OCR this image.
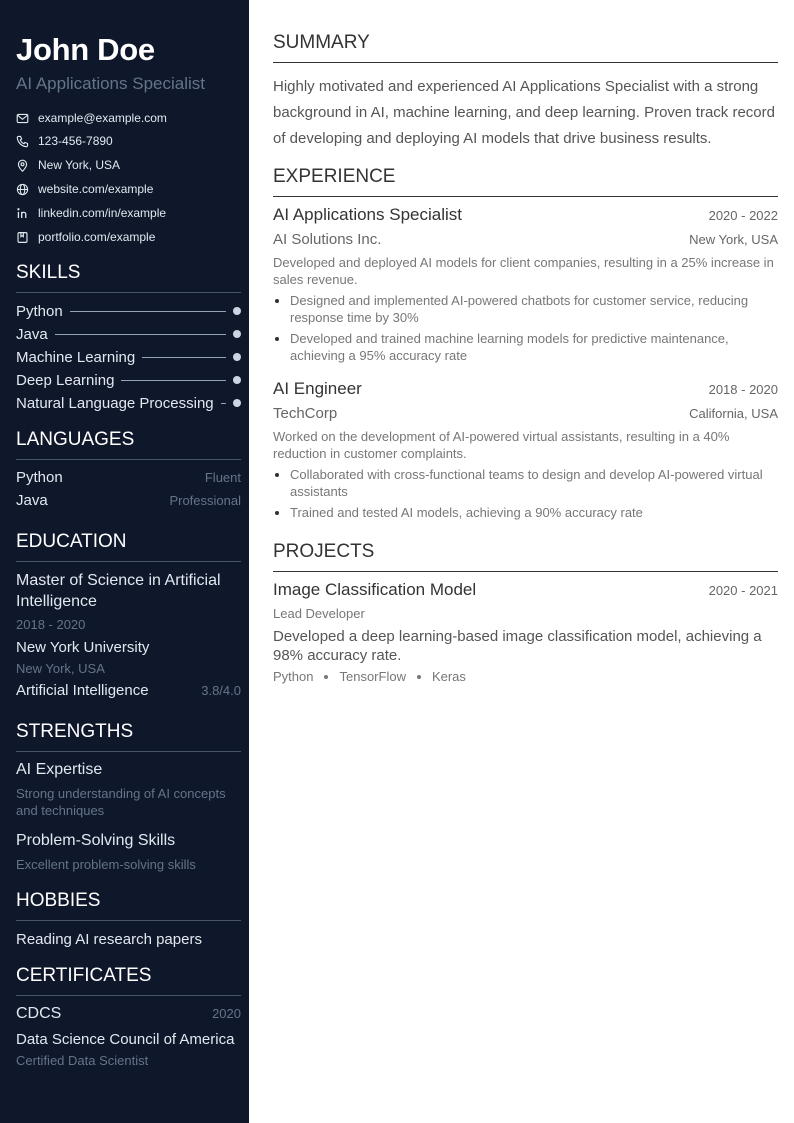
John Doe
AI Applications Specialist
example@example.com
123-456-7890
New York, USA
website.com/example
linkedin.com/in/example
portfolio.com/example
SKILLS
Python
Java
Machine Learning
Deep Learning
Natural Language Processing
LANGUAGES
Python	Fluent
Java	Professional
EDUCATION
Master of Science in Artificial Intelligence
2018 - 2020
New York University
New York, USA
Artificial Intelligence	3.8/4.0
STRENGTHS
AI Expertise
Strong understanding of AI concepts and techniques
Problem-Solving Skills
Excellent problem-solving skills
HOBBIES
Reading AI research papers
CERTIFICATES
CDCS	2020
Data Science Council of America
Certified Data Scientist
SUMMARY
Highly motivated and experienced AI Applications Specialist with a strong background in AI, machine learning, and deep learning. Proven track record of developing and deploying AI models that drive business results.
EXPERIENCE
AI Applications Specialist	2020 - 2022
AI Solutions Inc.	New York, USA
Developed and deployed AI models for client companies, resulting in a 25% increase in sales revenue.
Designed and implemented AI-powered chatbots for customer service, reducing response time by 30%
Developed and trained machine learning models for predictive maintenance, achieving a 95% accuracy rate
AI Engineer	2018 - 2020
TechCorp	California, USA
Worked on the development of AI-powered virtual assistants, resulting in a 40% reduction in customer complaints.
Collaborated with cross-functional teams to design and develop AI-powered virtual assistants
Trained and tested AI models, achieving a 90% accuracy rate
PROJECTS
Image Classification Model	2020 - 2021
Lead Developer
Developed a deep learning-based image classification model, achieving a 98% accuracy rate.
Python TensorFlow Keras
